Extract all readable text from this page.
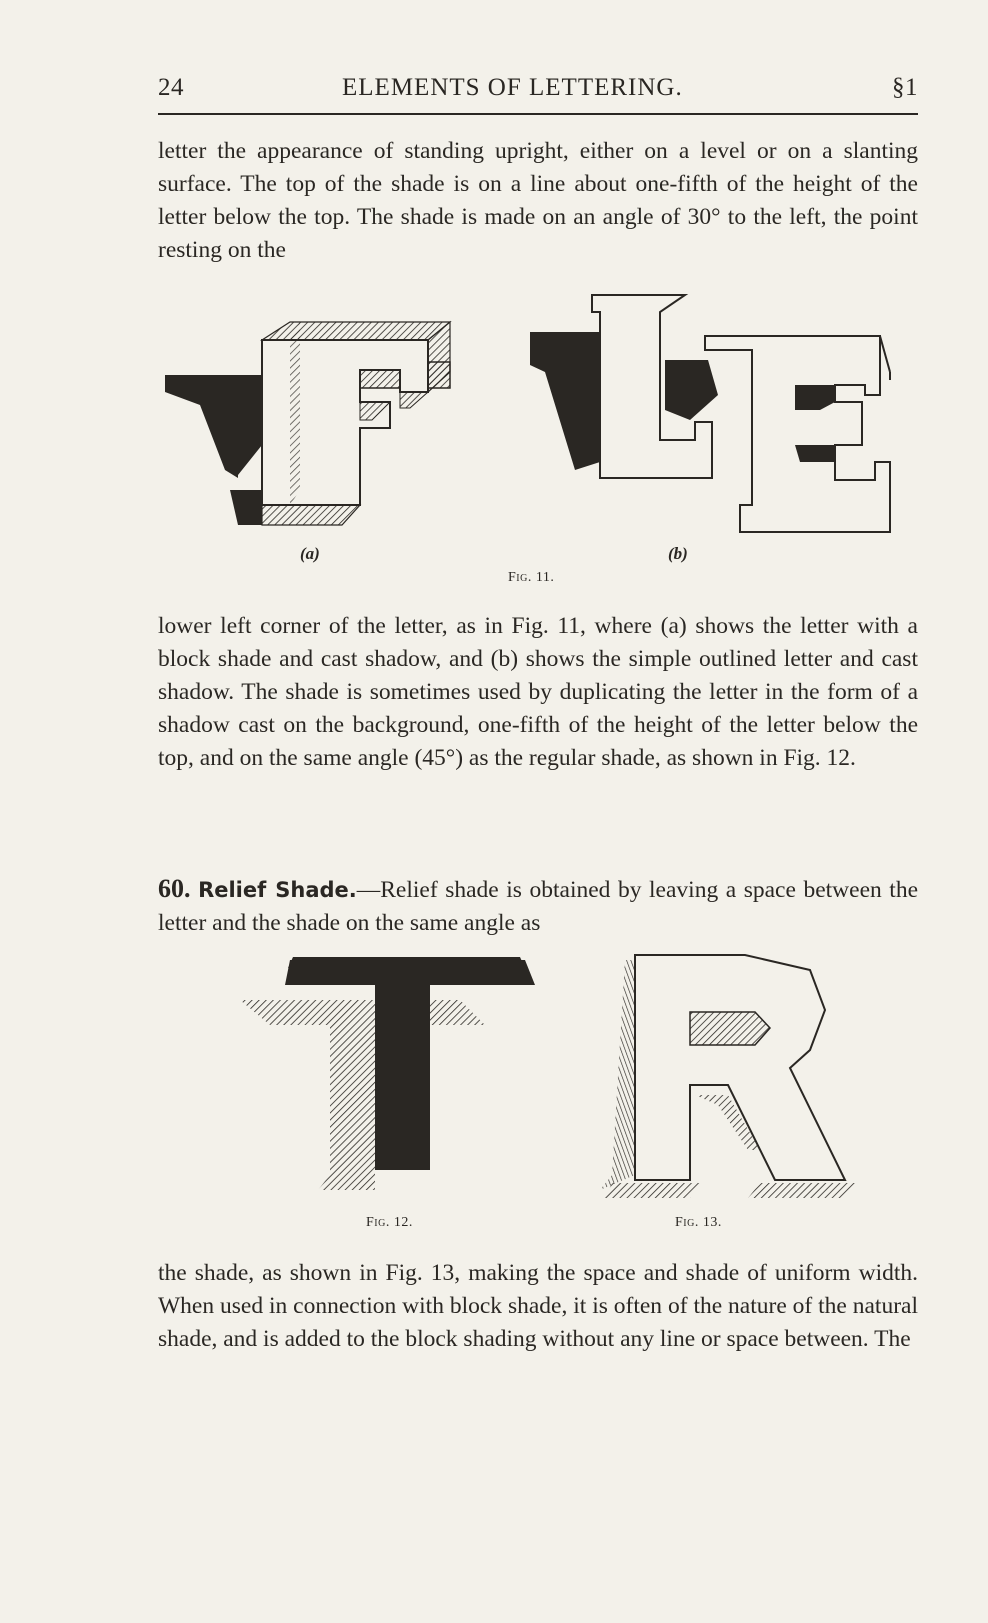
24	ELEMENTS OF LETTERING.	§1

letter the appearance of standing upright, either on a level or on a slanting surface. The top of the shade is on a line about one-fifth of the height of the letter below the top. The shade is made on an angle of 30° to the left, the point resting on the

(a)	(b)
Fig. 11.

lower left corner of the letter, as in Fig. 11, where (a) shows the letter with a block shade and cast shadow, and (b) shows the simple outlined letter and cast shadow. The shade is sometimes used by duplicating the letter in the form of a shadow cast on the background, one-fifth of the height of the letter below the top, and on the same angle (45°) as the regular shade, as shown in Fig. 12.

60. Relief Shade.—Relief shade is obtained by leaving a space between the letter and the shade on the same angle as

Fig. 12.	Fig. 13.

the shade, as shown in Fig. 13, making the space and shade of uniform width. When used in connection with block shade, it is often of the nature of the natural shade, and is added to the block shading without any line or space between. The
